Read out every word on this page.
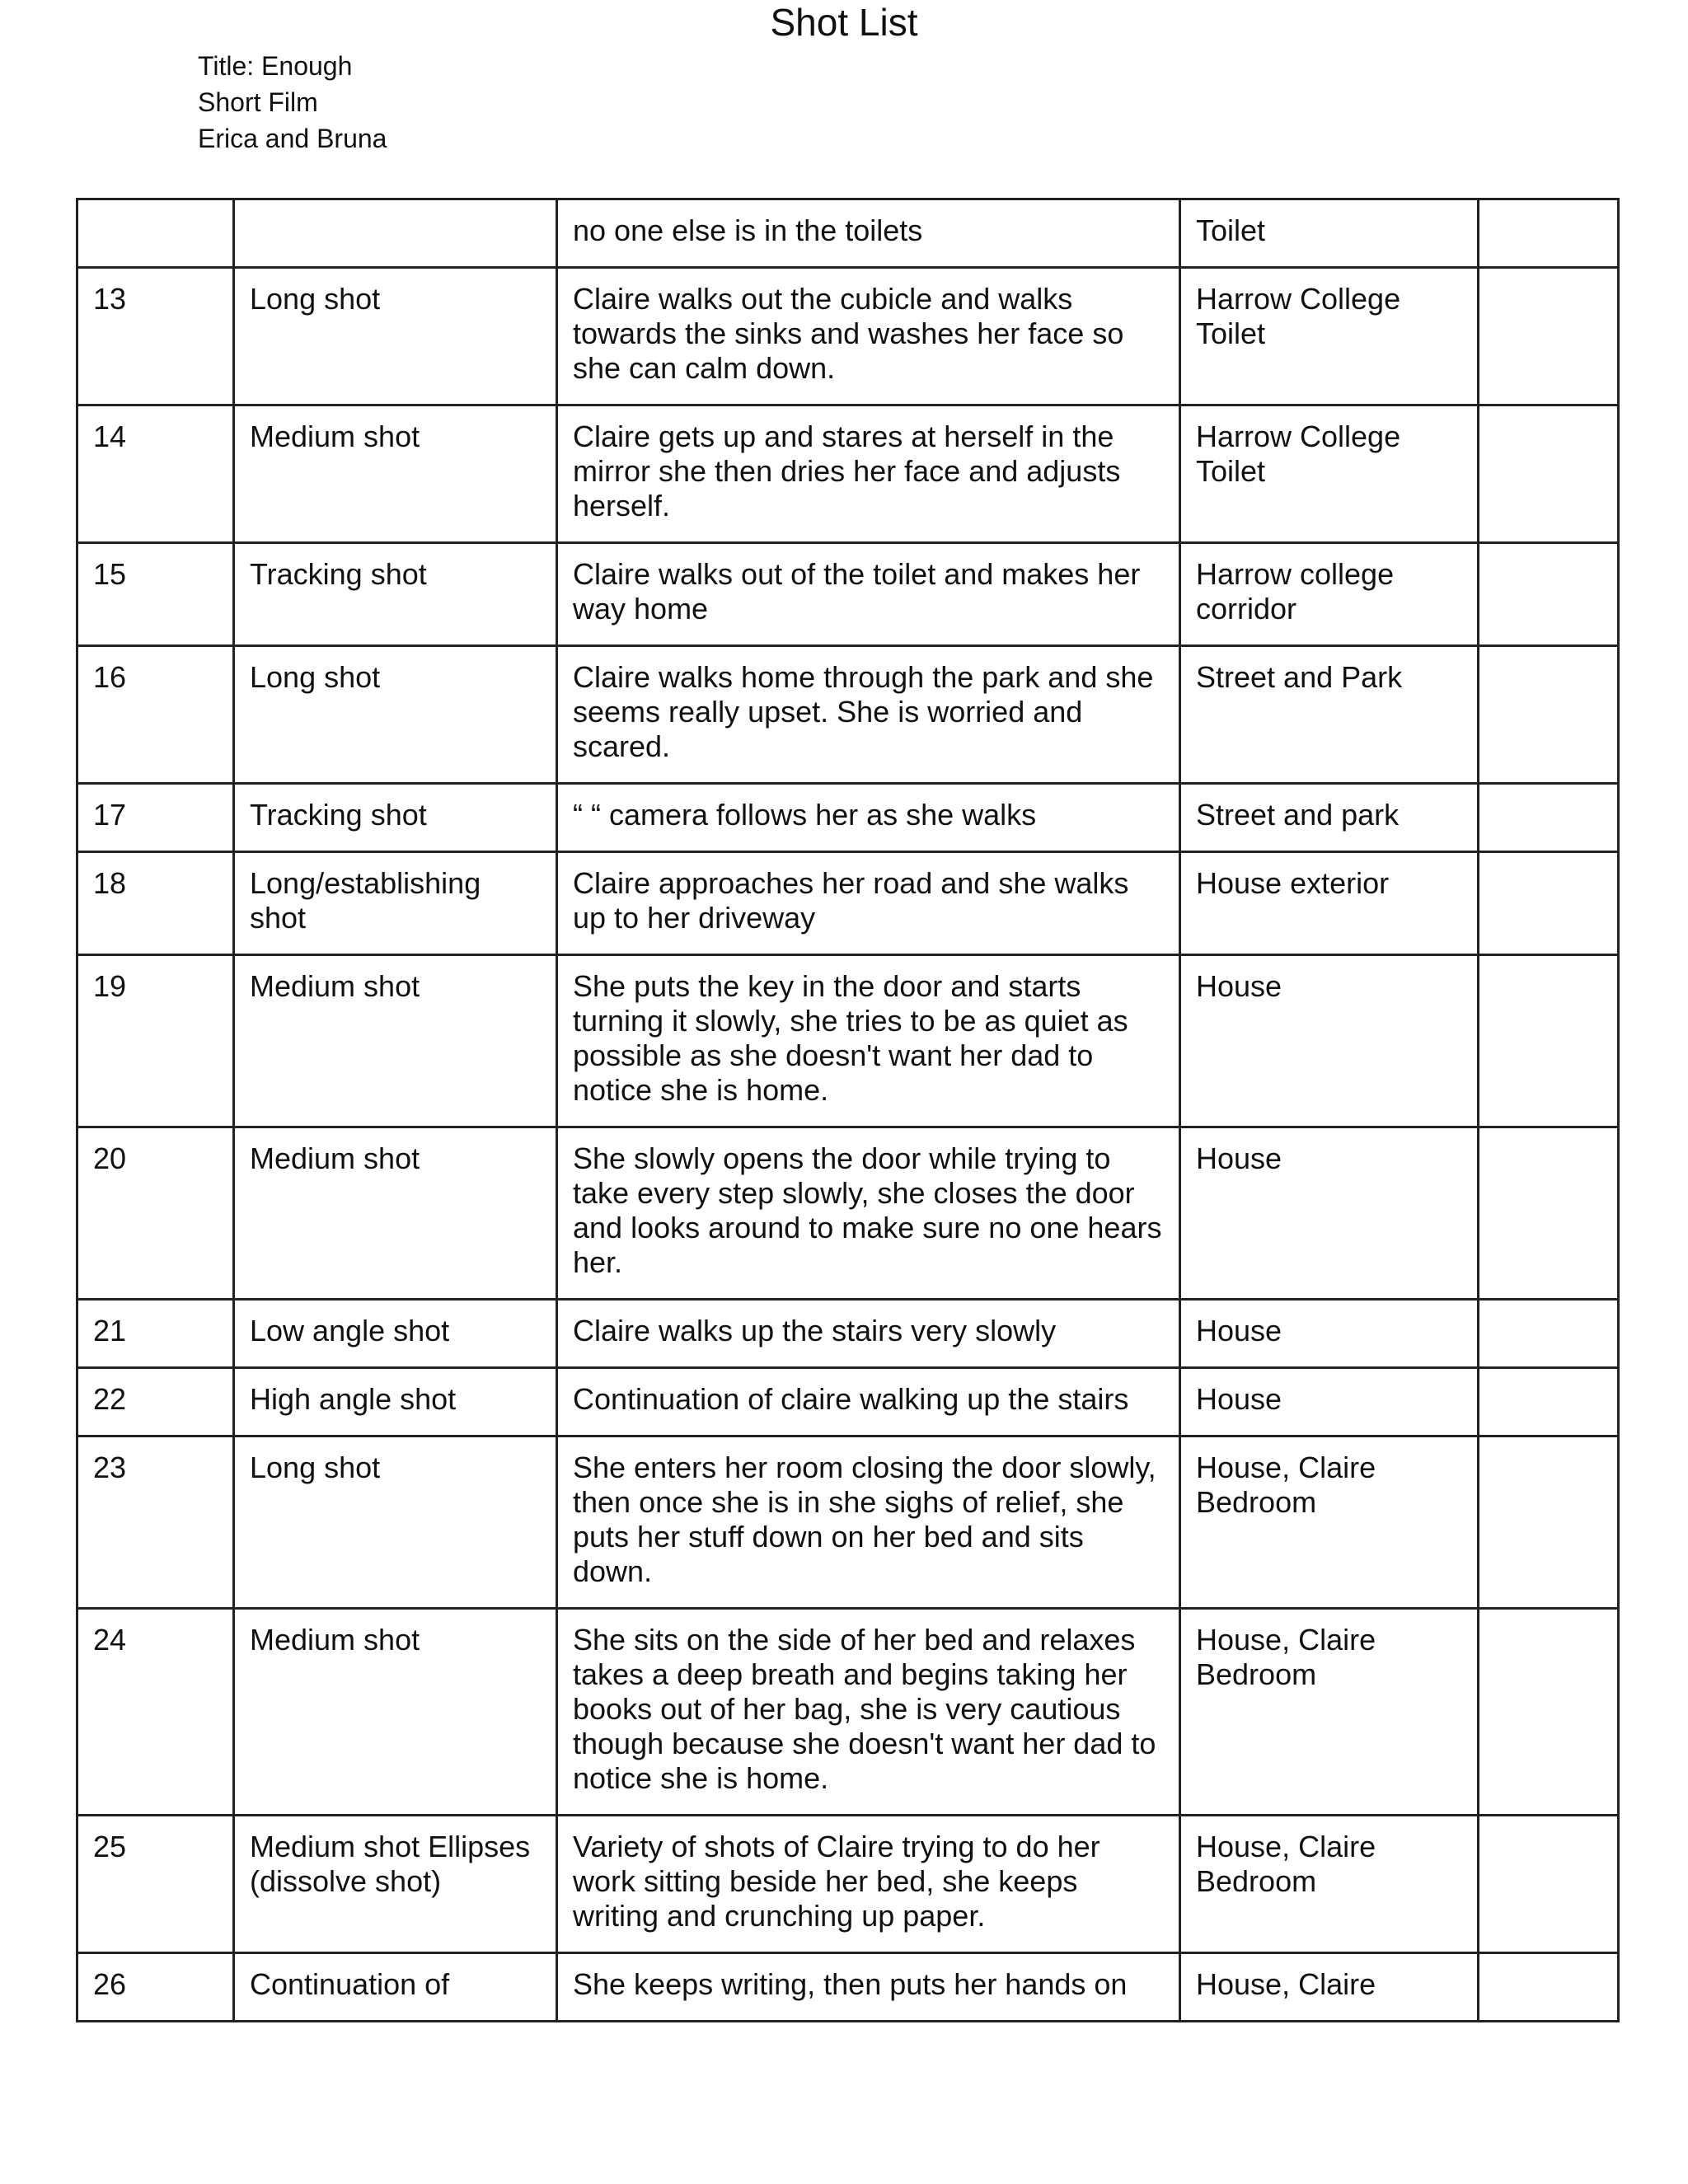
Shot List
Title: Enough
Short Film
Erica and Bruna
		no one else is in the toilets	Toilet	
13	Long shot	Claire walks out the cubicle and walks towards the sinks and washes her face so she can calm down.	Harrow College Toilet	
14	Medium shot	Claire gets up and stares at herself in the mirror she then dries her face and adjusts herself.	Harrow College Toilet	
15	Tracking shot	Claire walks out of the toilet and makes her way home	Harrow college corridor	
16	Long shot	Claire walks home through the park and she seems really upset. She is worried and scared.	Street and Park	
17	Tracking shot	“ “ camera follows her as she walks	Street and park	
18	Long/establishing shot	Claire approaches her road and she walks up to her driveway	House exterior	
19	Medium shot	She puts the key in the door and starts turning it slowly, she tries to be as quiet as possible as she doesn't want her dad to notice she is home.	House	
20	Medium shot	She slowly opens the door while trying to take every step slowly, she closes the door and looks around to make sure no one hears her.	House	
21	Low angle shot	Claire walks up the stairs very slowly	House	
22	High angle shot	Continuation of claire walking up the stairs	House	
23	Long shot	She enters her room closing the door slowly, then once she is in she sighs of relief, she puts her stuff down on her bed and sits down.	House, Claire Bedroom	
24	Medium shot	She sits on the side of her bed and relaxes takes a deep breath and begins taking her books out of her bag, she is very cautious though because she doesn't want her dad to notice she is home.	House, Claire Bedroom	
25	Medium shot Ellipses (dissolve shot)	Variety of shots of Claire trying to do her work sitting beside her bed, she keeps writing and crunching up paper.	House, Claire Bedroom	
26	Continuation of	She keeps writing, then puts her hands on	House, Claire	
